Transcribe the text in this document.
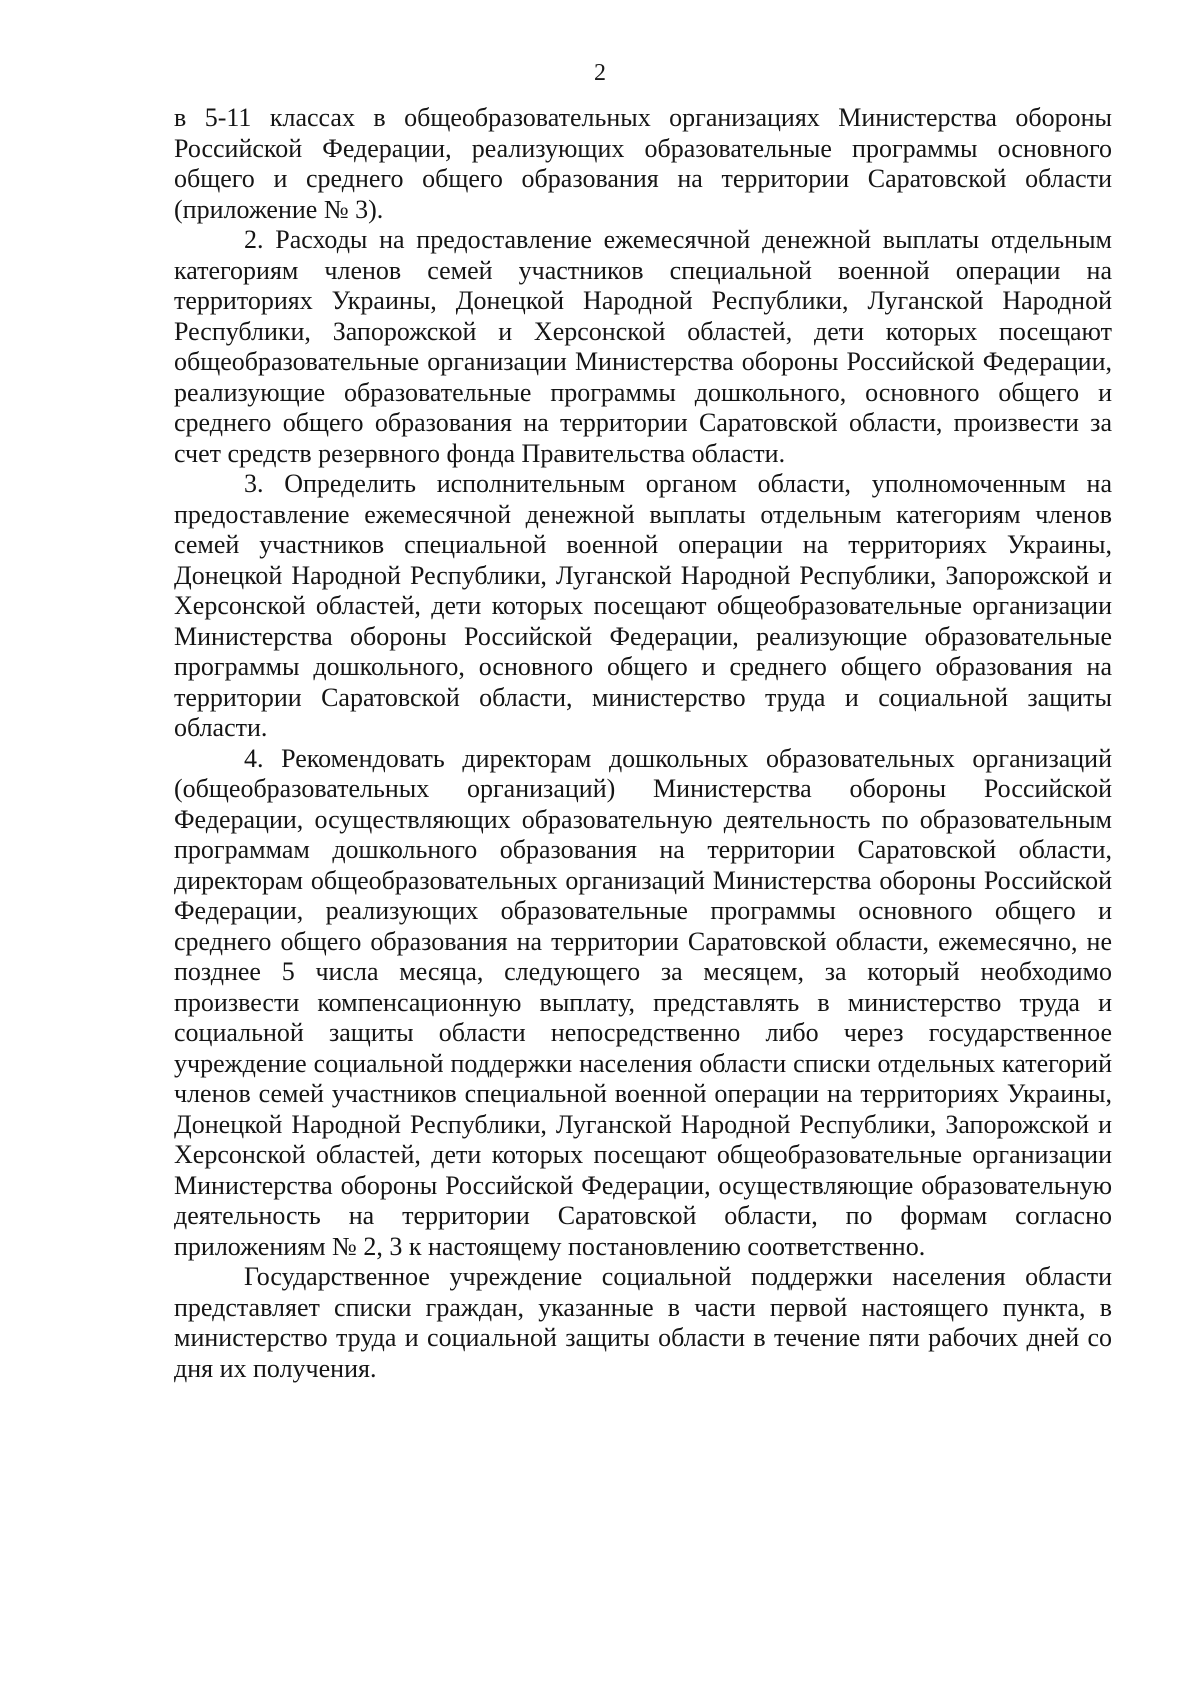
2

в 5-11 классах в общеобразовательных организациях Министерства обороны Российской Федерации, реализующих образовательные программы основного общего и среднего общего образования на территории Саратовской области (приложение № 3).

2. Расходы на предоставление ежемесячной денежной выплаты отдельным категориям членов семей участников специальной военной операции на территориях Украины, Донецкой Народной Республики, Луганской Народной Республики, Запорожской и Херсонской областей, дети которых посещают общеобразовательные организации Министерства обороны Российской Федерации, реализующие образовательные программы дошкольного, основного общего и среднего общего образования на территории Саратовской области, произвести за счет средств резервного фонда Правительства области.

3. Определить исполнительным органом области, уполномоченным на предоставление ежемесячной денежной выплаты отдельным категориям членов семей участников специальной военной операции на территориях Украины, Донецкой Народной Республики, Луганской Народной Республики, Запорожской и Херсонской областей, дети которых посещают общеобразовательные организации Министерства обороны Российской Федерации, реализующие образовательные программы дошкольного, основного общего и среднего общего образования на территории Саратовской области, министерство труда и социальной защиты области.

4. Рекомендовать директорам дошкольных образовательных организаций (общеобразовательных организаций) Министерства обороны Российской Федерации, осуществляющих образовательную деятельность по образовательным программам дошкольного образования на территории Саратовской области, директорам общеобразовательных организаций Министерства обороны Российской Федерации, реализующих образовательные программы основного общего и среднего общего образования на территории Саратовской области, ежемесячно, не позднее 5 числа месяца, следующего за месяцем, за который необходимо произвести компенсационную выплату, представлять в министерство труда и социальной защиты области непосредственно либо через государственное учреждение социальной поддержки населения области списки отдельных категорий членов семей участников специальной военной операции на территориях Украины, Донецкой Народной Республики, Луганской Народной Республики, Запорожской и Херсонской областей, дети которых посещают общеобразовательные организации Министерства обороны Российской Федерации, осуществляющие образовательную деятельность на территории Саратовской области, по формам согласно приложениям № 2, 3 к настоящему постановлению соответственно.

Государственное учреждение социальной поддержки населения области представляет списки граждан, указанные в части первой настоящего пункта, в министерство труда и социальной защиты области в течение пяти рабочих дней со дня их получения.
